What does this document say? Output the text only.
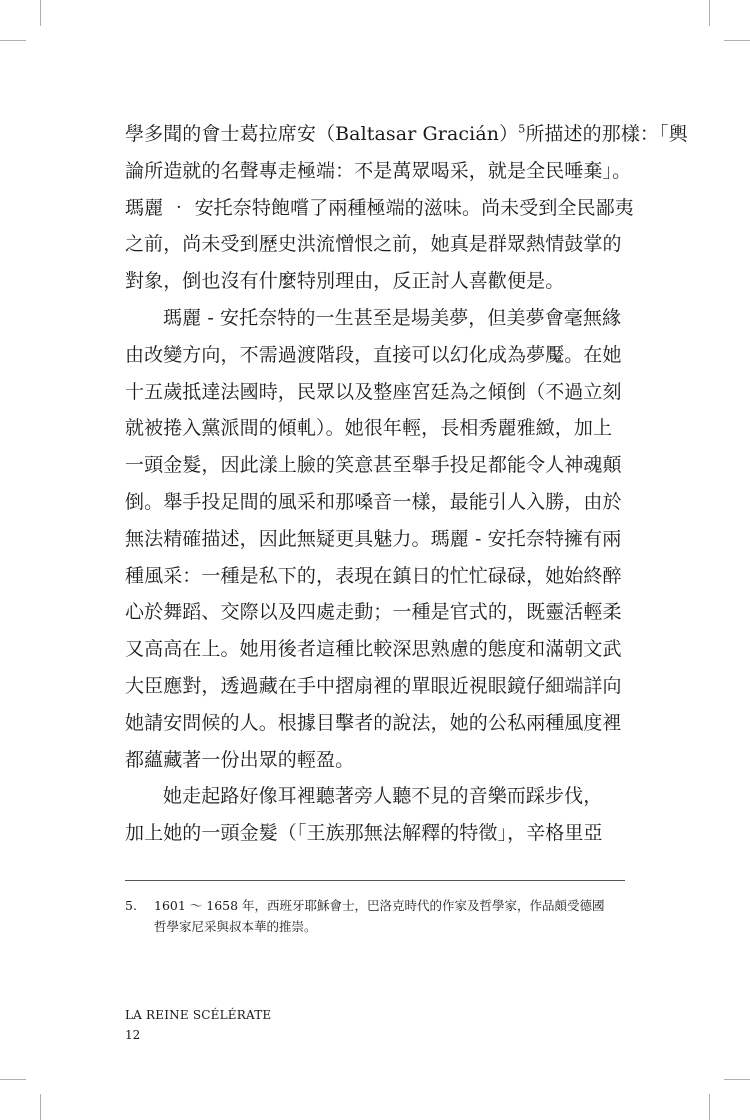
學多聞的會士葛拉席安（Baltasar Gracián）$^5$所描述的那樣：「輿
論所造就的名聲專走極端：不是萬眾喝采，就是全民唾棄」。
瑪麗 ‧ 安托奈特飽嚐了兩種極端的滋味。尚未受到全民鄙夷
之前，尚未受到歷史洪流憎恨之前，她真是群眾熱情鼓掌的
對象，倒也沒有什麼特別理由，反正討人喜歡便是。
瑪麗 - 安托奈特的一生甚至是場美夢，但美夢會毫無緣
由改變方向，不需過渡階段，直接可以幻化成為夢魘。在她
十五歲抵達法國時，民眾以及整座宮廷為之傾倒（不過立刻
就被捲入黨派間的傾軋）。她很年輕，長相秀麗雅緻，加上
一頭金髮，因此漾上臉的笑意甚至舉手投足都能令人神魂顛
倒。舉手投足間的風采和那嗓音一樣，最能引人入勝，由於
無法精確描述，因此無疑更具魅力。瑪麗 - 安托奈特擁有兩
種風采：一種是私下的，表現在鎮日的忙忙碌碌，她始終醉
心於舞蹈、交際以及四處走動；一種是官式的，既靈活輕柔
又高高在上。她用後者這種比較深思熟慮的態度和滿朝文武
大臣應對，透過藏在手中摺扇裡的單眼近視眼鏡仔細端詳向
她請安問候的人。根據目擊者的說法，她的公私兩種風度裡
都蘊藏著一份出眾的輕盈。
她走起路好像耳裡聽著旁人聽不見的音樂而踩步伐，
加上她的一頭金髮（「王族那無法解釋的特徵」，辛格里亞
5.	1601 ～ 1658 年，西班牙耶穌會士，巴洛克時代的作家及哲學家，作品頗受德國
哲學家尼采與叔本華的推崇。
LA REINE SCÉLÉRATE
12
